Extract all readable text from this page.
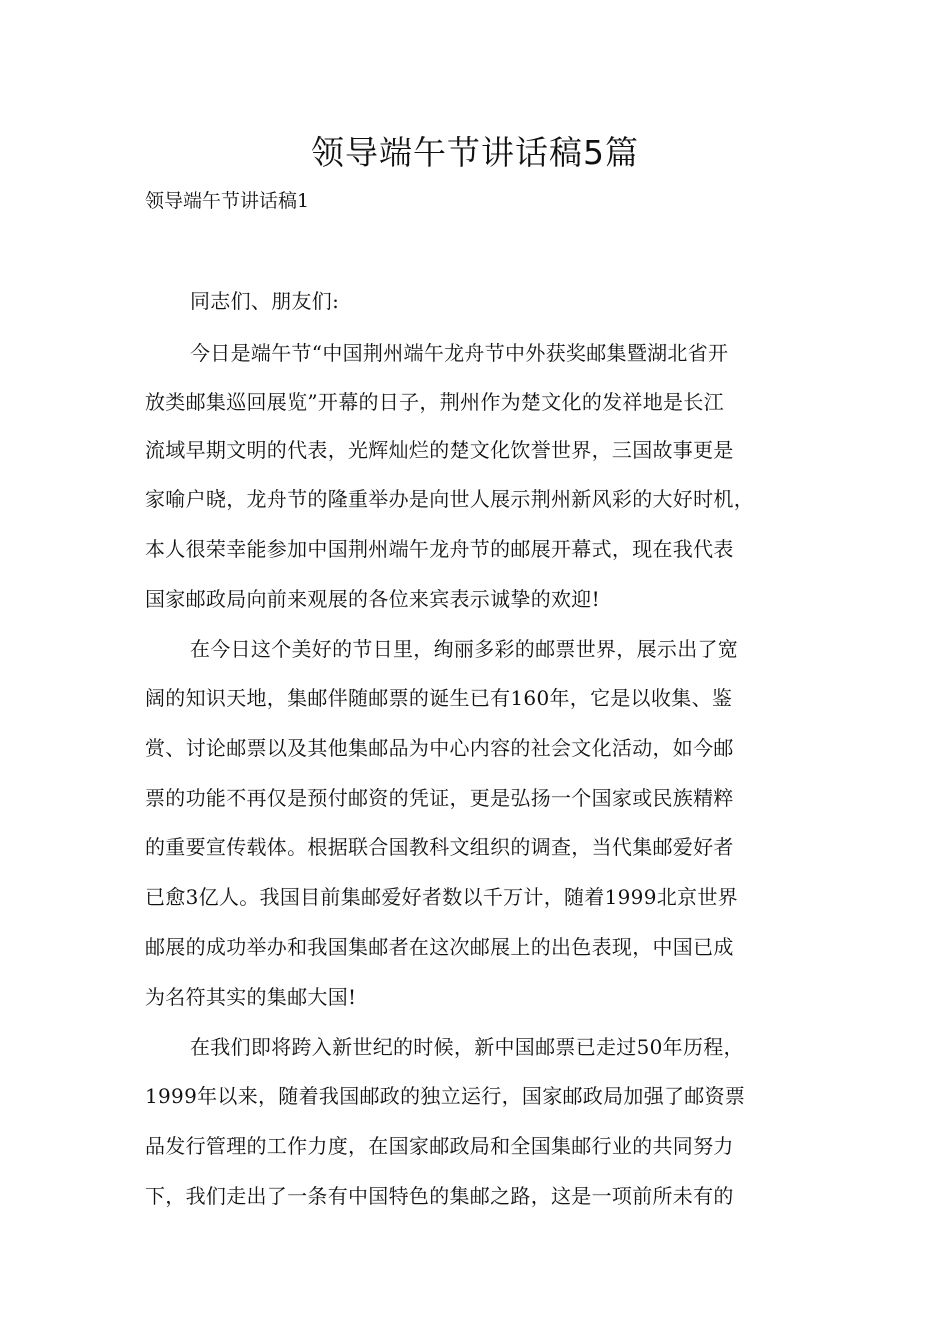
领导端午节讲话稿5篇

领导端午节讲话稿1

同志们、朋友们:
今日是端午节“中国荆州端午龙舟节中外获奖邮集暨湖北省开
放类邮集巡回展览”开幕的日子，荆州作为楚文化的发祥地是长江
流域早期文明的代表，光辉灿烂的楚文化饮誉世界，三国故事更是
家喻户晓，龙舟节的隆重举办是向世人展示荆州新风彩的大好时机，
本人很荣幸能参加中国荆州端午龙舟节的邮展开幕式，现在我代表
国家邮政局向前来观展的各位来宾表示诚挚的欢迎!
在今日这个美好的节日里，绚丽多彩的邮票世界，展示出了宽
阔的知识天地，集邮伴随邮票的诞生已有160年，它是以收集、鉴
赏、讨论邮票以及其他集邮品为中心内容的社会文化活动，如今邮
票的功能不再仅是预付邮资的凭证，更是弘扬一个国家或民族精粹
的重要宣传载体。根据联合国教科文组织的调查，当代集邮爱好者
已愈3亿人。我国目前集邮爱好者数以千万计，随着1999北京世界
邮展的成功举办和我国集邮者在这次邮展上的出色表现，中国已成
为名符其实的集邮大国!
在我们即将跨入新世纪的时候，新中国邮票已走过50年历程，
1999年以来，随着我国邮政的独立运行，国家邮政局加强了邮资票
品发行管理的工作力度，在国家邮政局和全国集邮行业的共同努力
下，我们走出了一条有中国特色的集邮之路，这是一项前所未有的
